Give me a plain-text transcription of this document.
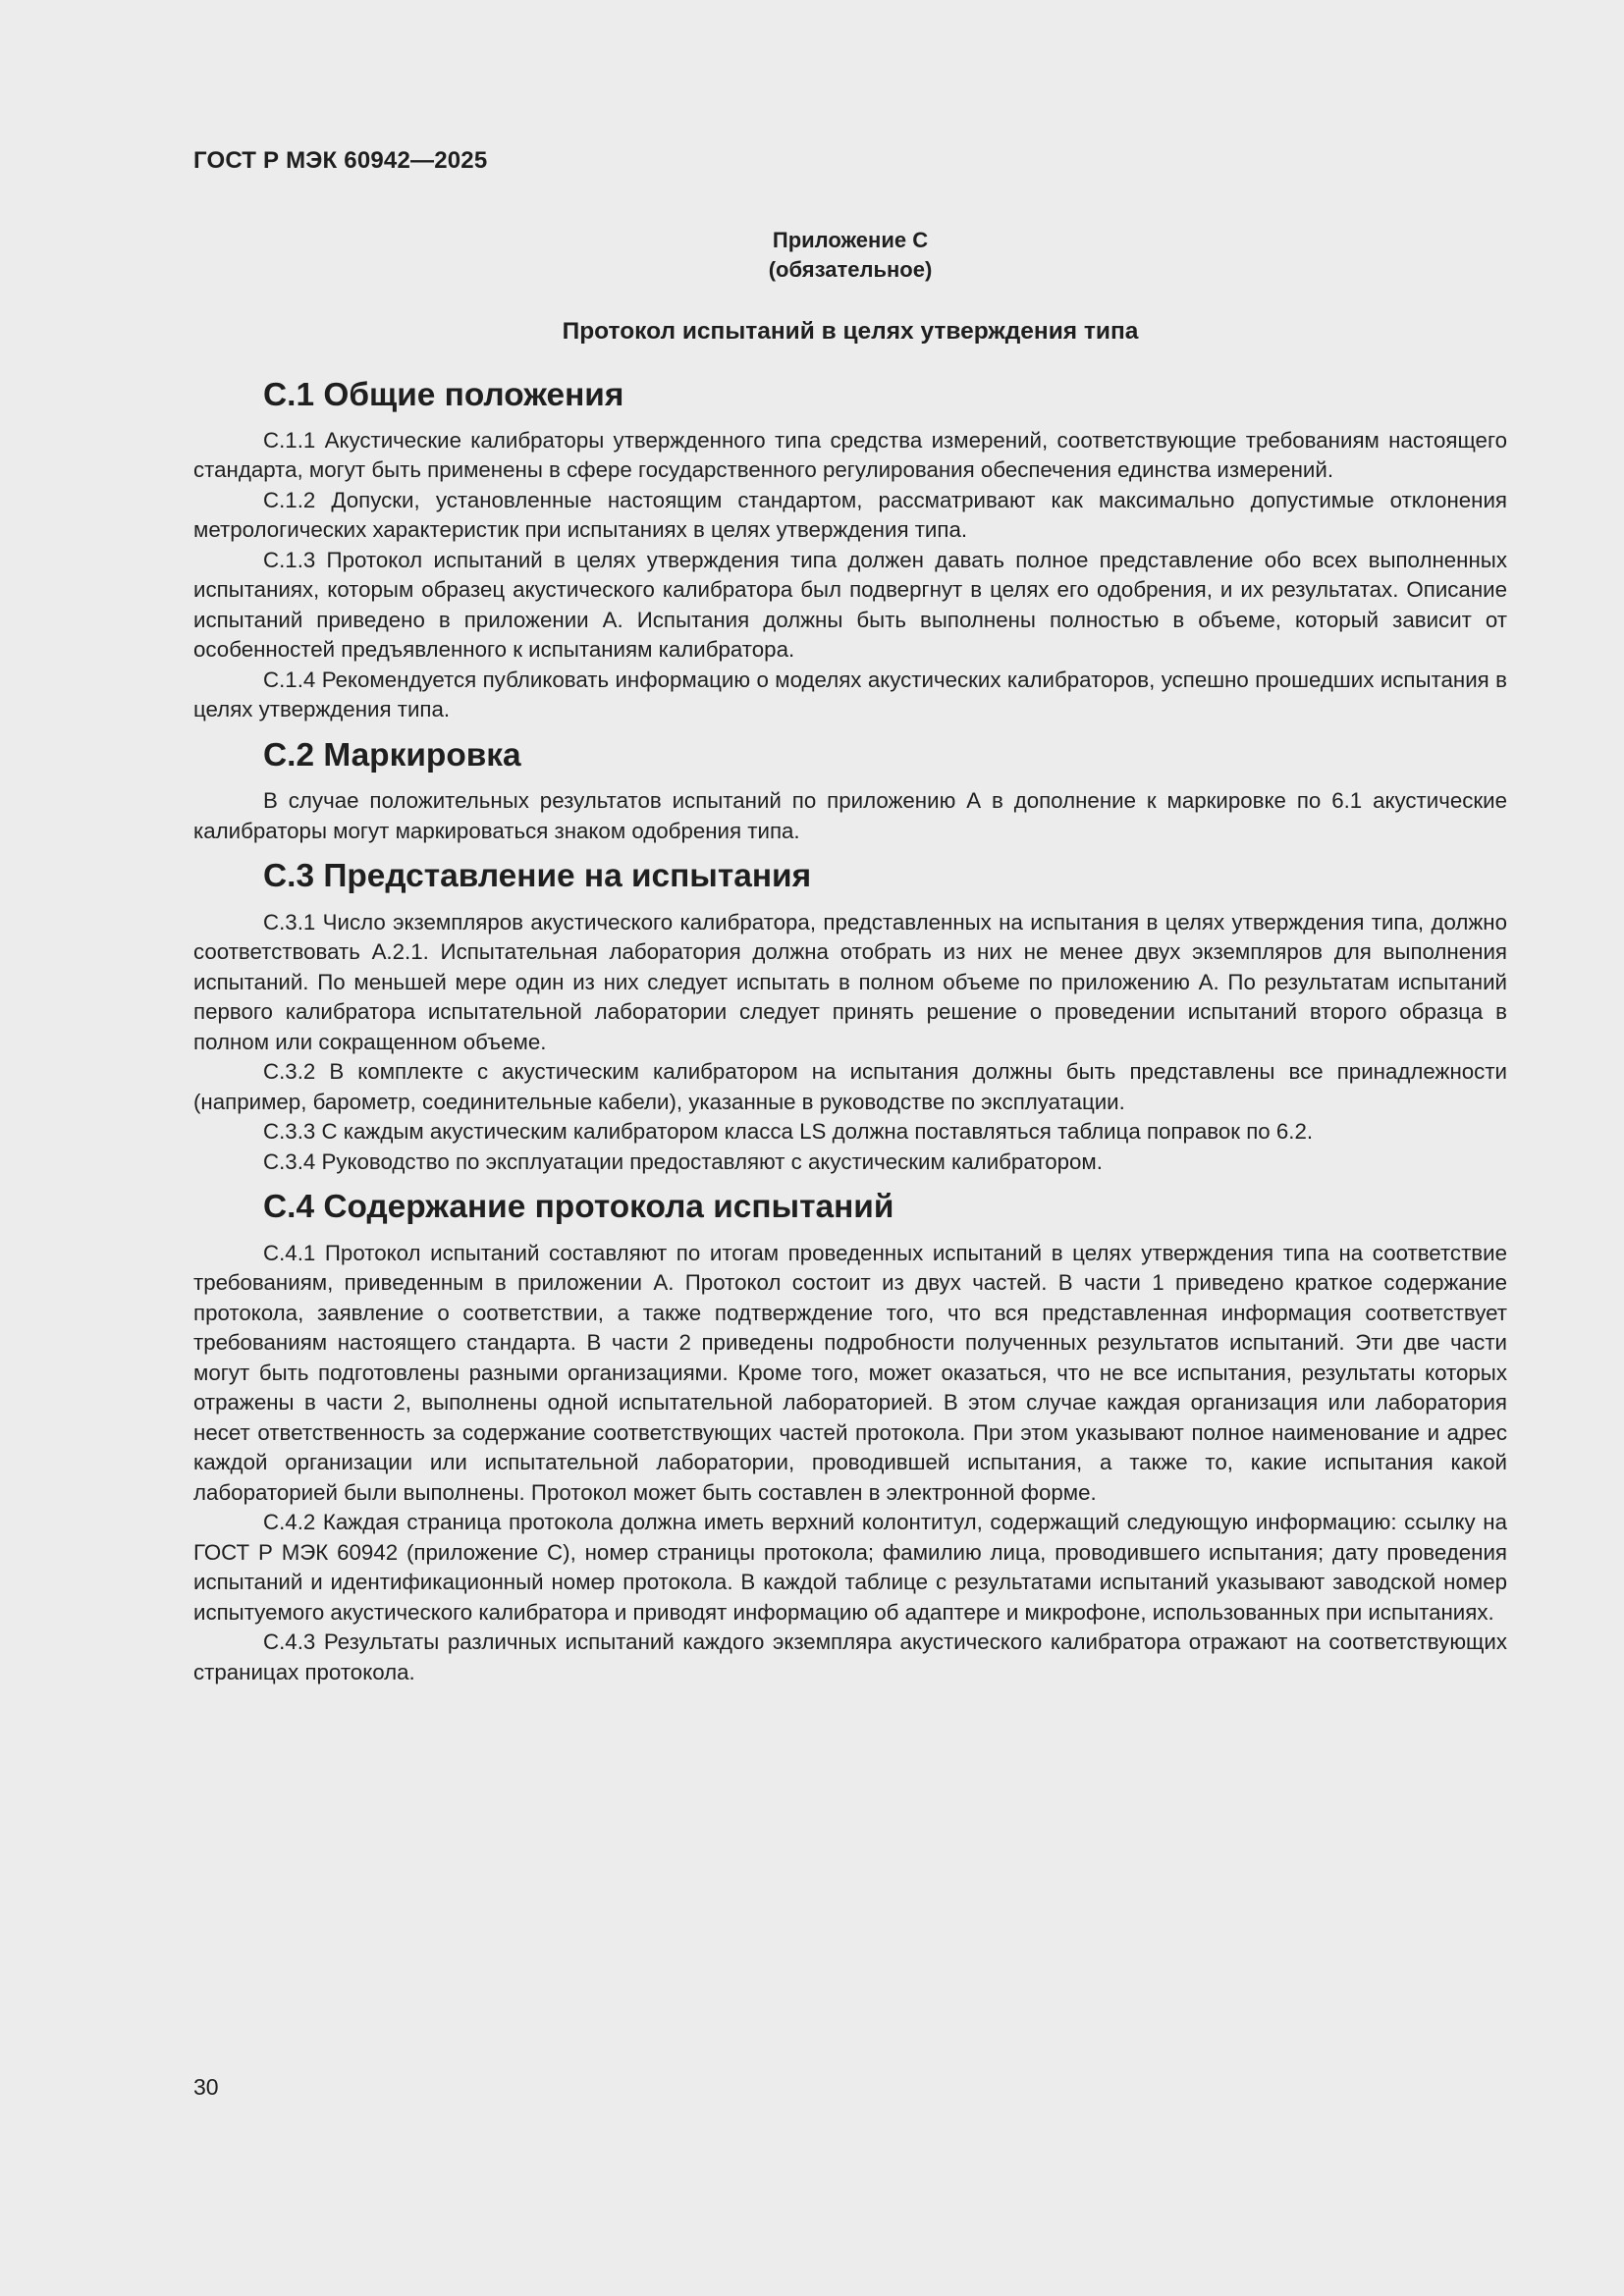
ГОСТ Р МЭК 60942—2025
Приложение С
(обязательное)
Протокол испытаний в целях утверждения типа
С.1 Общие положения

С.1.1 Акустические калибраторы утвержденного типа средства измерений, соответствующие требованиям настоящего стандарта, могут быть применены в сфере государственного регулирования обеспечения единства измерений.

С.1.2 Допуски, установленные настоящим стандартом, рассматривают как максимально допустимые отклонения метрологических характеристик при испытаниях в целях утверждения типа.

С.1.3 Протокол испытаний в целях утверждения типа должен давать полное представление обо всех выполненных испытаниях, которым образец акустического калибратора был подвергнут в целях его одобрения, и их результатах. Описание испытаний приведено в приложении А. Испытания должны быть выполнены полностью в объеме, который зависит от особенностей предъявленного к испытаниям калибратора.

С.1.4 Рекомендуется публиковать информацию о моделях акустических калибраторов, успешно прошедших испытания в целях утверждения типа.

С.2 Маркировка

В случае положительных результатов испытаний по приложению А в дополнение к маркировке по 6.1 акустические калибраторы могут маркироваться знаком одобрения типа.

С.3 Представление на испытания

С.3.1 Число экземпляров акустического калибратора, представленных на испытания в целях утверждения типа, должно соответствовать А.2.1. Испытательная лаборатория должна отобрать из них не менее двух экземпляров для выполнения испытаний. По меньшей мере один из них следует испытать в полном объеме по приложению А. По результатам испытаний первого калибратора испытательной лаборатории следует принять решение о проведении испытаний второго образца в полном или сокращенном объеме.

С.3.2 В комплекте с акустическим калибратором на испытания должны быть представлены все принадлежности (например, барометр, соединительные кабели), указанные в руководстве по эксплуатации.

С.3.3 С каждым акустическим калибратором класса LS должна поставляться таблица поправок по 6.2.

С.3.4 Руководство по эксплуатации предоставляют с акустическим калибратором.

С.4 Содержание протокола испытаний

С.4.1 Протокол испытаний составляют по итогам проведенных испытаний в целях утверждения типа на соответствие требованиям, приведенным в приложении А. Протокол состоит из двух частей. В части 1 приведено краткое содержание протокола, заявление о соответствии, а также подтверждение того, что вся представленная информация соответствует требованиям настоящего стандарта. В части 2 приведены подробности полученных результатов испытаний. Эти две части могут быть подготовлены разными организациями. Кроме того, может оказаться, что не все испытания, результаты которых отражены в части 2, выполнены одной испытательной лабораторией. В этом случае каждая организация или лаборатория несет ответственность за содержание соответствующих частей протокола. При этом указывают полное наименование и адрес каждой организации или испытательной лаборатории, проводившей испытания, а также то, какие испытания какой лабораторией были выполнены. Протокол может быть составлен в электронной форме.

С.4.2 Каждая страница протокола должна иметь верхний колонтитул, содержащий следующую информацию: ссылку на ГОСТ Р МЭК 60942 (приложение С), номер страницы протокола; фамилию лица, проводившего испытания; дату проведения испытаний и идентификационный номер протокола. В каждой таблице с результатами испытаний указывают заводской номер испытуемого акустического калибратора и приводят информацию об адаптере и микрофоне, использованных при испытаниях.

С.4.3 Результаты различных испытаний каждого экземпляра акустического калибратора отражают на соответствующих страницах протокола.

30
